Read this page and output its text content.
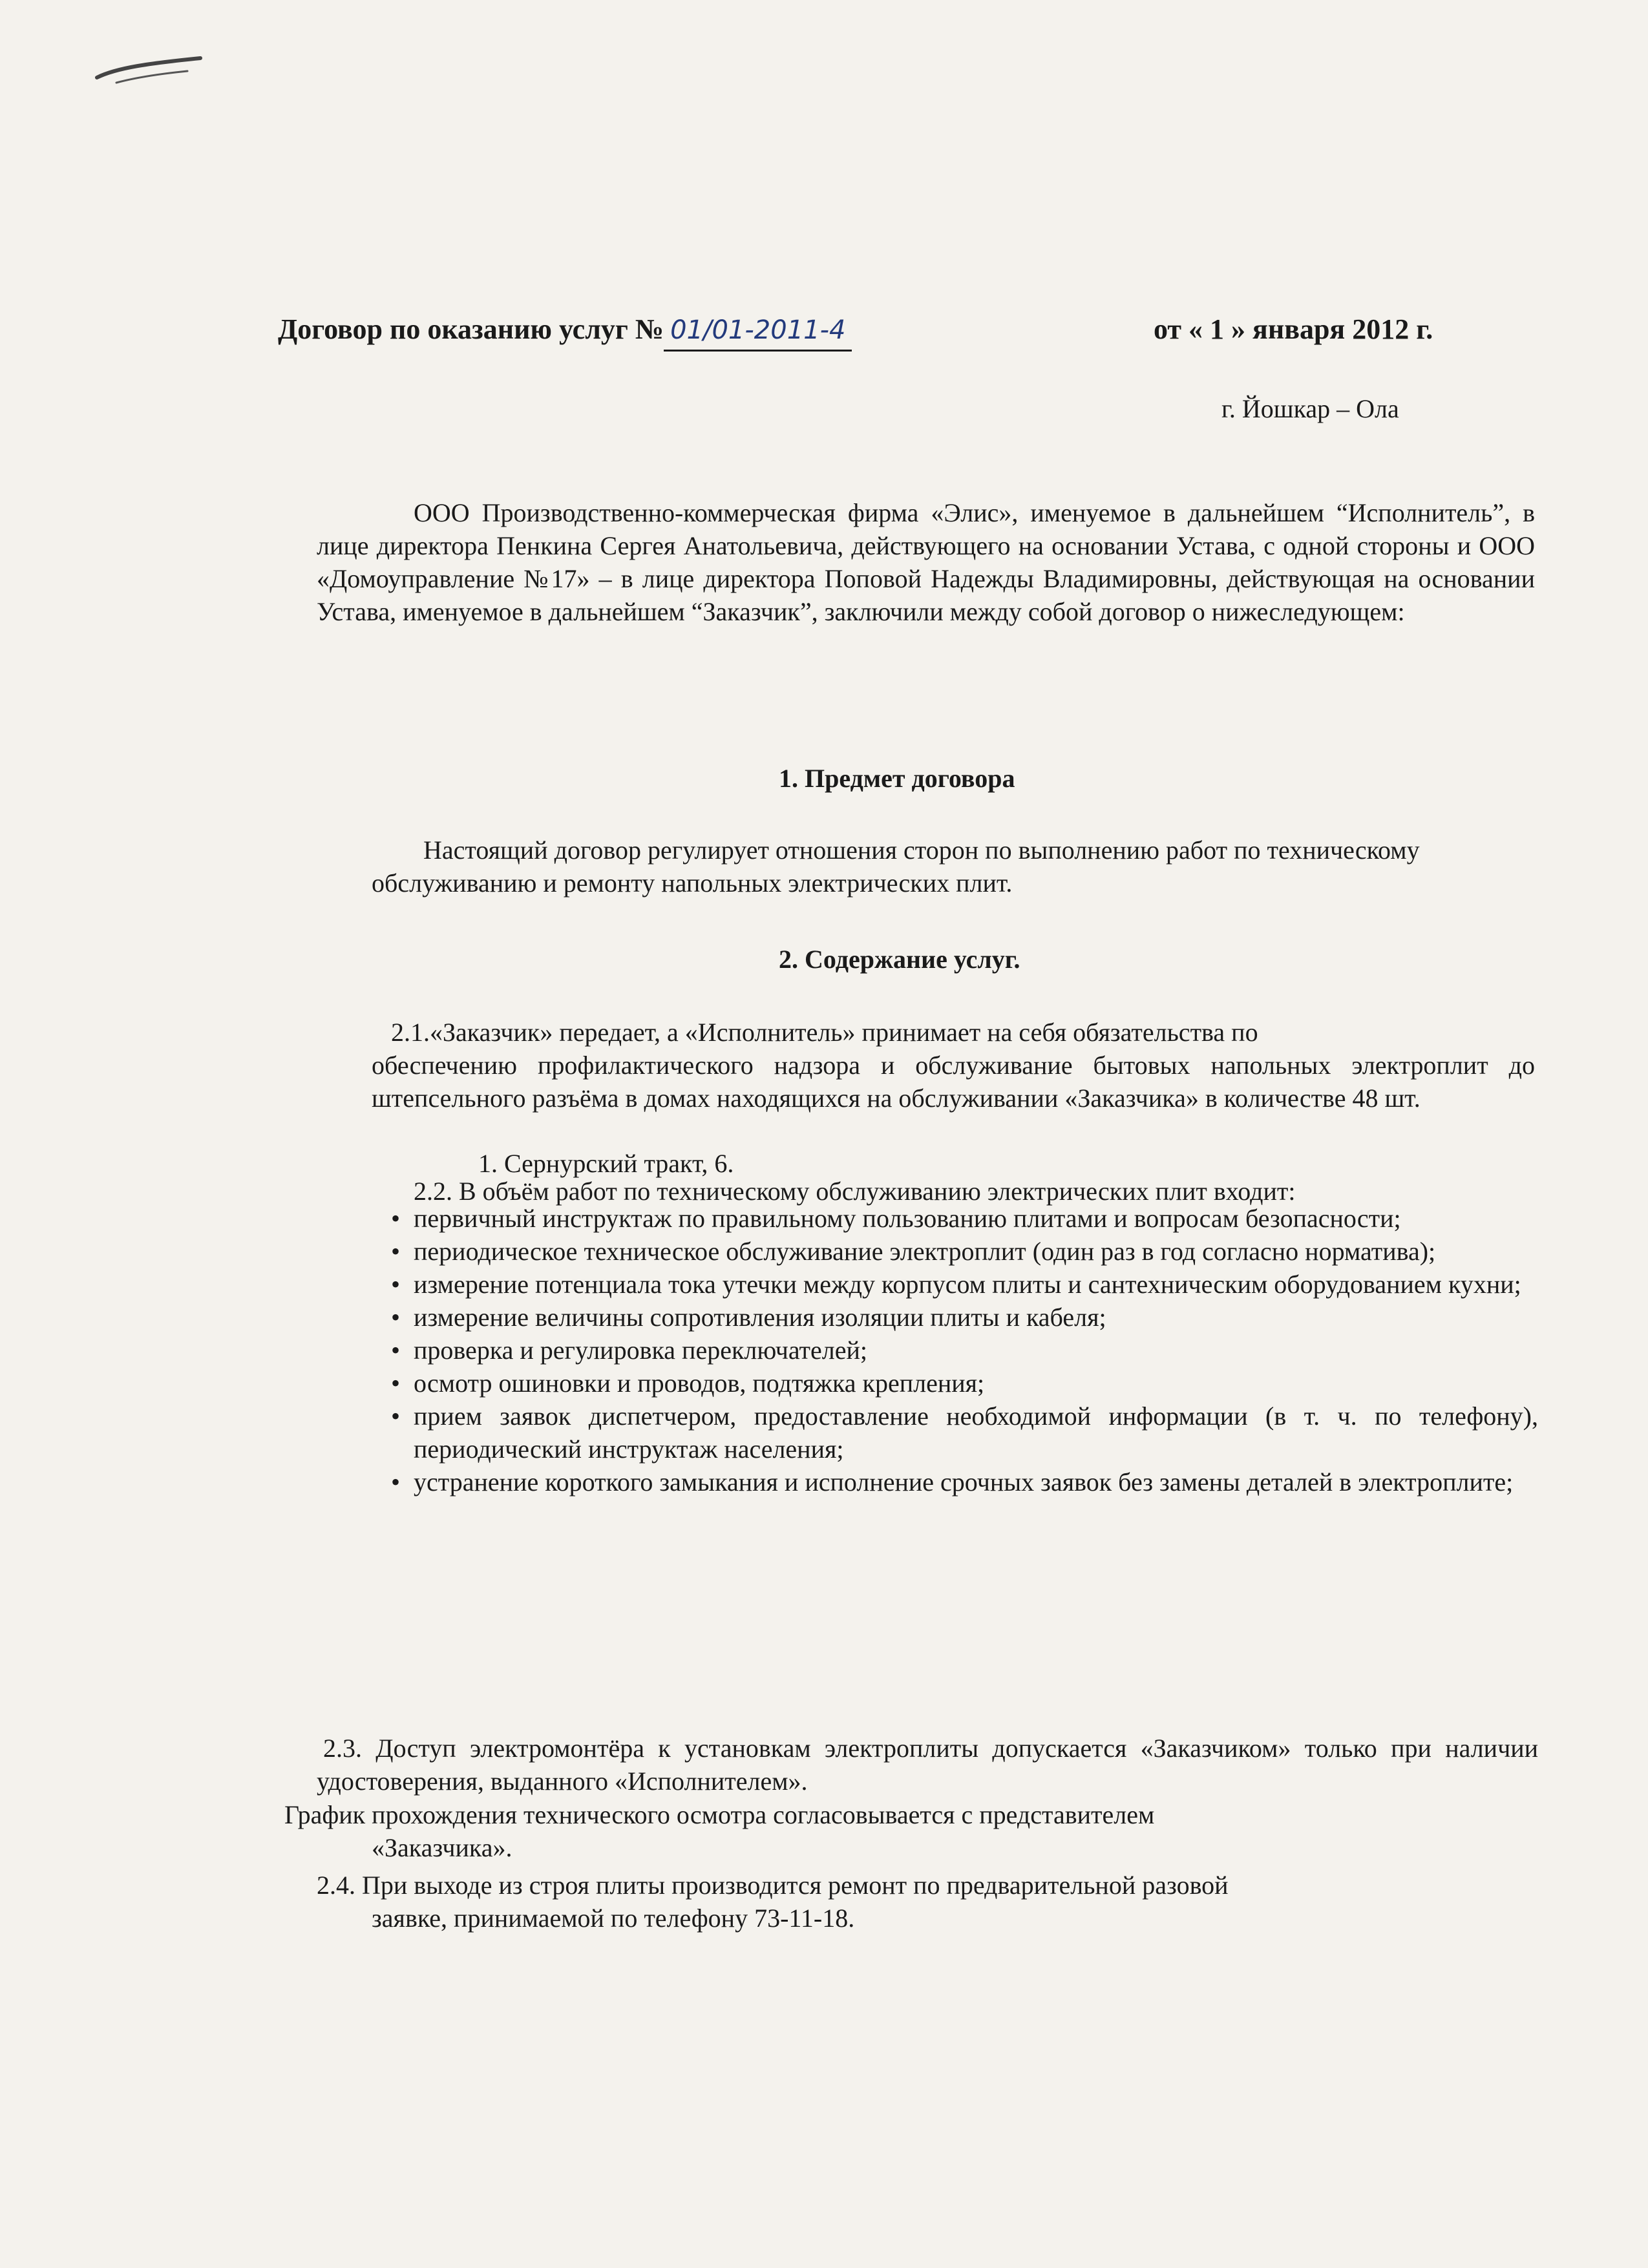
Договор по оказанию услуг № 01/01-2011-4	от « 1 » января 2012 г.
г. Йошкар – Ола
ООО Производственно-коммерческая фирма «Элис», именуемое в дальнейшем “Исполнитель”, в лице директора Пенкина Сергея Анатольевича, действующего на основании Устава, с одной стороны и ООО «Домоуправление №17» – в лице директора Поповой Надежды Владимировны, действующая на основании Устава, именуемое в дальнейшем “Заказчик”, заключили между собой договор о нижеследующем:
1. Предмет договора
Настоящий договор регулирует отношения сторон по выполнению работ по техническому обслуживанию и ремонту напольных электрических плит.
2. Содержание услуг.
2.1.«Заказчик» передает, а «Исполнитель» принимает на себя обязательства по
обеспечению профилактического надзора и обслуживание бытовых напольных электроплит до штепсельного разъёма в домах находящихся на обслуживании «Заказчика» в количестве 48 шт.
1. Сернурский тракт, 6.
2.2. В объём работ по техническому обслуживанию электрических плит входит:
• первичный инструктаж по правильному пользованию плитами и вопросам безопасности;
• периодическое техническое обслуживание электроплит (один раз в год согласно норматива);
• измерение потенциала тока утечки между корпусом плиты и сантехническим оборудованием кухни;
• измерение величины сопротивления изоляции плиты и кабеля;
• проверка и регулировка переключателей;
• осмотр ошиновки и проводов, подтяжка крепления;
• прием заявок диспетчером, предоставление необходимой информации (в т. ч. по телефону), периодический инструктаж населения;
• устранение короткого замыкания и исполнение срочных заявок без замены деталей в электроплите;
2.3. Доступ электромонтёра к установкам электроплиты допускается «Заказчиком» только при наличии удостоверения, выданного «Исполнителем».
График прохождения технического осмотра согласовывается с представителем
«Заказчика».
2.4. При выходе из строя плиты производится ремонт по предварительной разовой
заявке, принимаемой по телефону 73-11-18.
